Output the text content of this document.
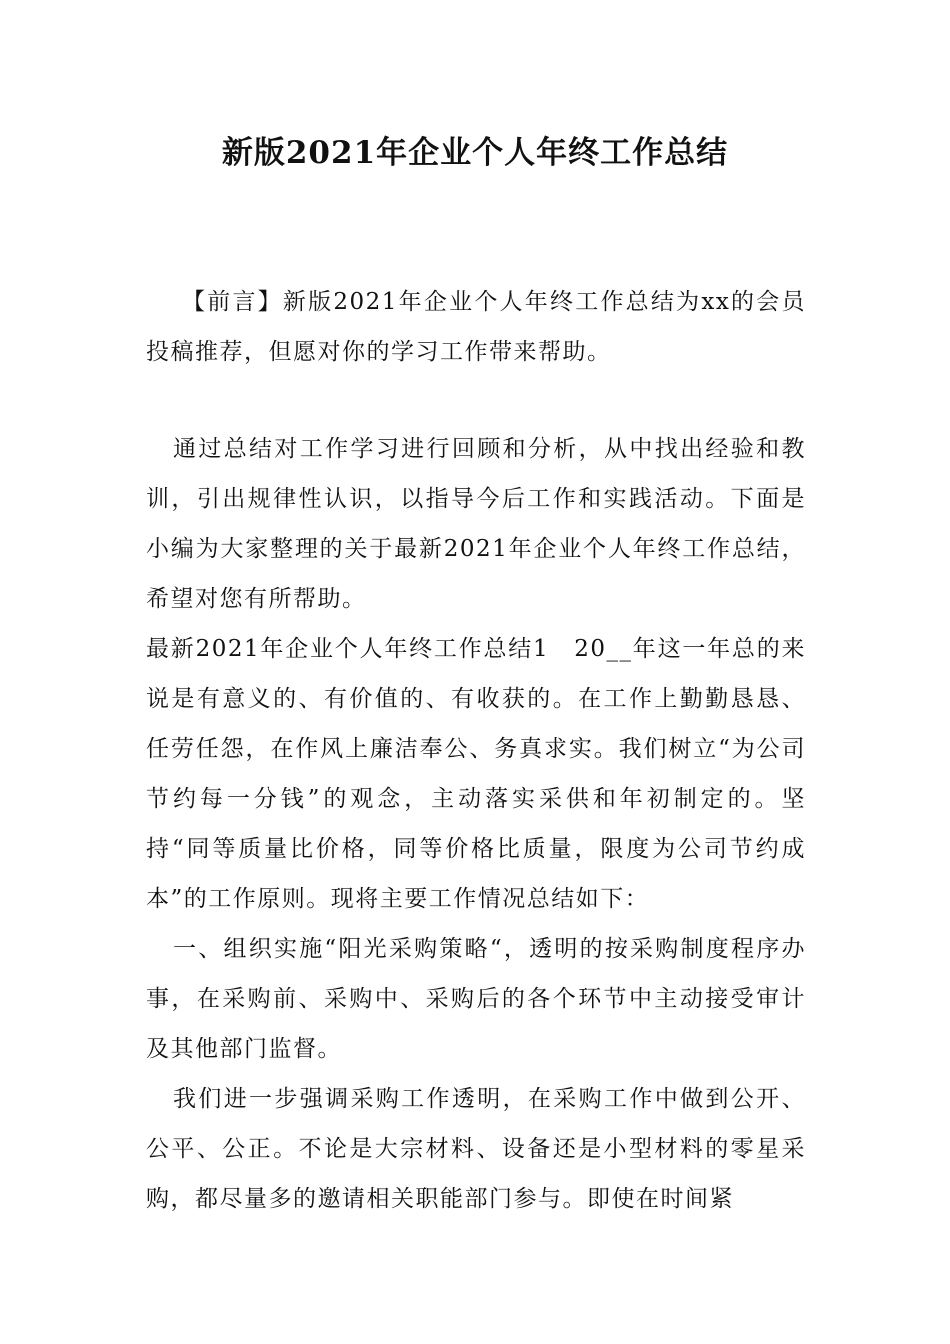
新版2021年企业个人年终工作总结

【前言】新版2021年企业个人年终工作总结为xx的会员投稿推荐，但愿对你的学习工作带来帮助。

通过总结对工作学习进行回顾和分析，从中找出经验和教训，引出规律性认识，以指导今后工作和实践活动。下面是小编为大家整理的关于最新2021年企业个人年终工作总结，希望对您有所帮助。

最新2021年企业个人年终工作总结1　20__年这一年总的来说是有意义的、有价值的、有收获的。在工作上勤勤恳恳、任劳任怨，在作风上廉洁奉公、务真求实。我们树立“为公司节约每一分钱”的观念，主动落实采供和年初制定的。坚持“同等质量比价格，同等价格比质量，限度为公司节约成本”的工作原则。现将主要工作情况总结如下：

一、组织实施“阳光采购策略“，透明的按采购制度程序办事，在采购前、采购中、采购后的各个环节中主动接受审计及其他部门监督。

我们进一步强调采购工作透明，在采购工作中做到公开、公平、公正。不论是大宗材料、设备还是小型材料的零星采购，都尽量多的邀请相关职能部门参与。即使在时间紧
